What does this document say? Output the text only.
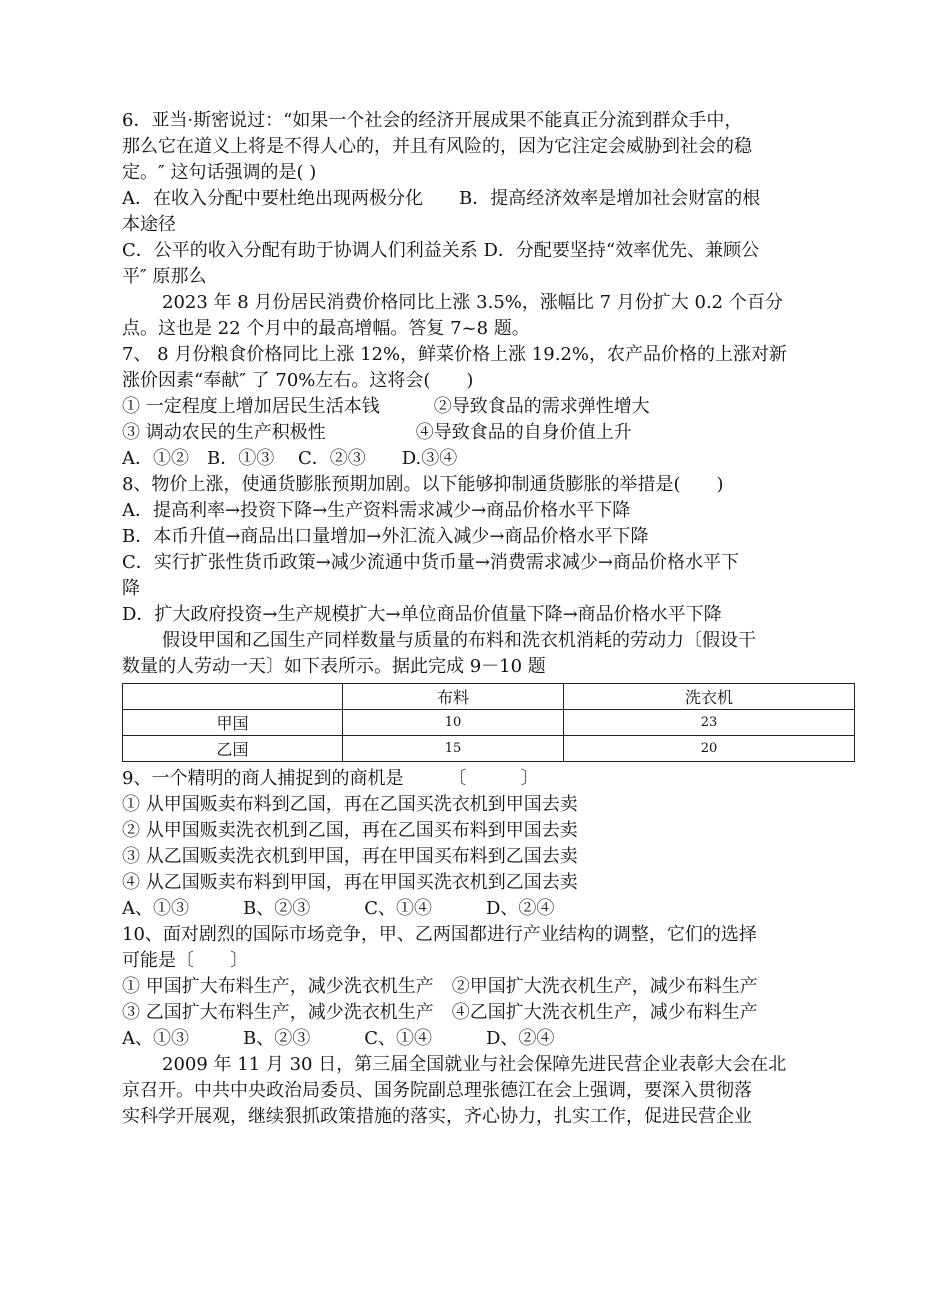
6．亚当·斯密说过：“如果一个社会的经济开展成果不能真正分流到群众手中，
那么它在道义上将是不得人心的，并且有风险的，因为它注定会威胁到社会的稳
定。″ 这句话强调的是( )
A．在收入分配中要杜绝出现两极分化　　B．提高经济效率是增加社会财富的根
本途径
C．公平的收入分配有助于协调人们利益关系 D．分配要坚持“效率优先、兼顾公
平″ 原那么
2023 年 8 月份居民消费价格同比上涨 3.5%，涨幅比 7 月份扩大 0.2 个百分
点。这也是 22 个月中的最高增幅。答复 7~8 题。
7、 8 月份粮食价格同比上涨 12%，鲜菜价格上涨 19.2%，农产品价格的上涨对新
涨价因素“奉献″ 了 70%左右。这将会(　　)
① 一定程度上增加居民生活本钱　　　②导致食品的需求弹性增大
③ 调动农民的生产积极性　　　　　④导致食品的自身价值上升
A．①②　B．①③　 C．②③　　D.③④
8、物价上涨，使通货膨胀预期加剧。以下能够抑制通货膨胀的举措是(　　)
A．提高利率→投资下降→生产资料需求减少→商品价格水平下降
B．本币升值→商品出口量增加→外汇流入减少→商品价格水平下降
C．实行扩张性货币政策→减少流通中货币量→消费需求减少→商品价格水平下
降
D．扩大政府投资→生产规模扩大→单位商品价值量下降→商品价格水平下降
假设甲国和乙国生产同样数量与质量的布料和洗衣机消耗的劳动力〔假设干
数量的人劳动一天〕如下表所示。据此完成 9－10 题
	布料	洗衣机
甲国	10	23
乙国	15	20
9、一个精明的商人捕捉到的商机是　　　〔　　　〕
① 从甲国贩卖布料到乙国，再在乙国买洗衣机到甲国去卖
② 从甲国贩卖洗衣机到乙国，再在乙国买布料到甲国去卖
③ 从乙国贩卖洗衣机到甲国，再在甲国买布料到乙国去卖
④ 从乙国贩卖布料到甲国，再在甲国买洗衣机到乙国去卖
A、①③　　　B、②③　　　C、①④　　　D、②④
10、面对剧烈的国际市场竞争，甲、乙两国都进行产业结构的调整，它们的选择
可能是〔　　〕
① 甲国扩大布料生产，减少洗衣机生产　②甲国扩大洗衣机生产，减少布料生产
③ 乙国扩大布料生产，减少洗衣机生产　④乙国扩大洗衣机生产，减少布料生产
A、①③　　　B、②③　　　C、①④　　　D、②④
2009 年 11 月 30 日，第三届全国就业与社会保障先进民营企业表彰大会在北
京召开。中共中央政治局委员、国务院副总理张德江在会上强调，要深入贯彻落
实科学开展观，继续狠抓政策措施的落实，齐心协力，扎实工作，促进民营企业
